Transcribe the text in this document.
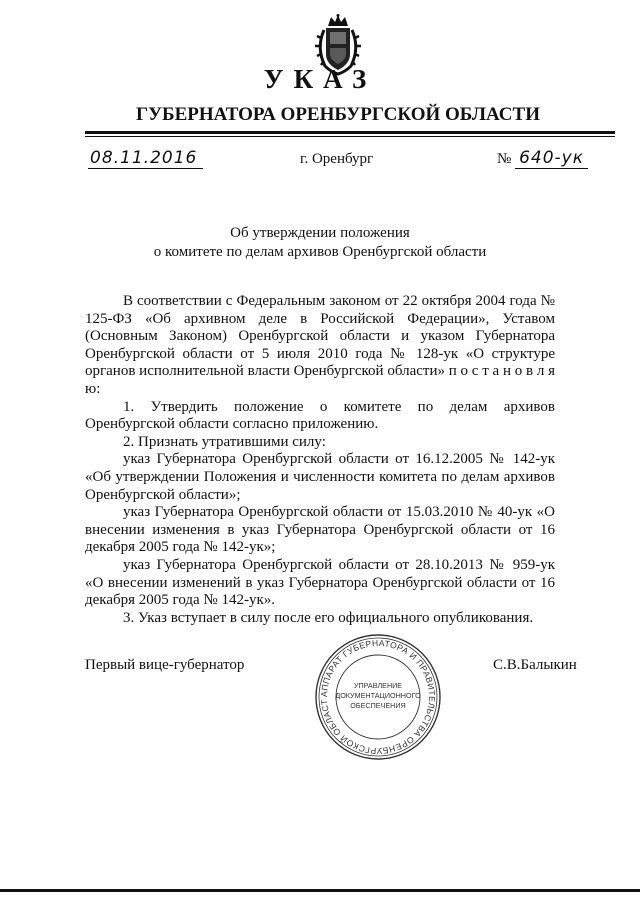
УКАЗ
ГУБЕРНАТОРА ОРЕНБУРГСКОЙ ОБЛАСТИ
08.11.2016	г. Оренбург	№ 640-ук
Об утверждении положения
о комитете по делам архивов Оренбургской области

В соответствии с Федеральным законом от 22 октября 2004 года № 125-ФЗ «Об архивном деле в Российской Федерации», Уставом (Основным Законом) Оренбургской области и указом Губернатора Оренбургской области от 5 июля 2010 года № 128-ук «О структуре органов исполнительной власти Оренбургской области» п о с т а н о в л я ю:

1. Утвердить положение о комитете по делам архивов Оренбургской области согласно приложению.

2. Признать утратившими силу:

указ Губернатора Оренбургской области от 16.12.2005 № 142-ук «Об утверждении Положения и численности комитета по делам архивов Оренбургской области»;

указ Губернатора Оренбургской области от 15.03.2010 № 40-ук «О внесении изменения в указ Губернатора Оренбургской области от 16 декабря 2005 года № 142-ук»;

указ Губернатора Оренбургской области от 28.10.2013 № 959-ук «О внесении изменений в указ Губернатора Оренбургской области от 16 декабря 2005 года № 142-ук».

3. Указ вступает в силу после его официального опубликования.

Первый вице-губернатор	С.В.Балыкин
АППАРАТ ГУБЕРНАТОРА И ПРАВИТЕЛЬСТВА ОРЕНБУРГСКОЙ ОБЛАСТ
УПРАВЛЕНИЕ
ДОКУМЕНТАЦИОННОГО
ОБЕСПЕЧЕНИЯ
